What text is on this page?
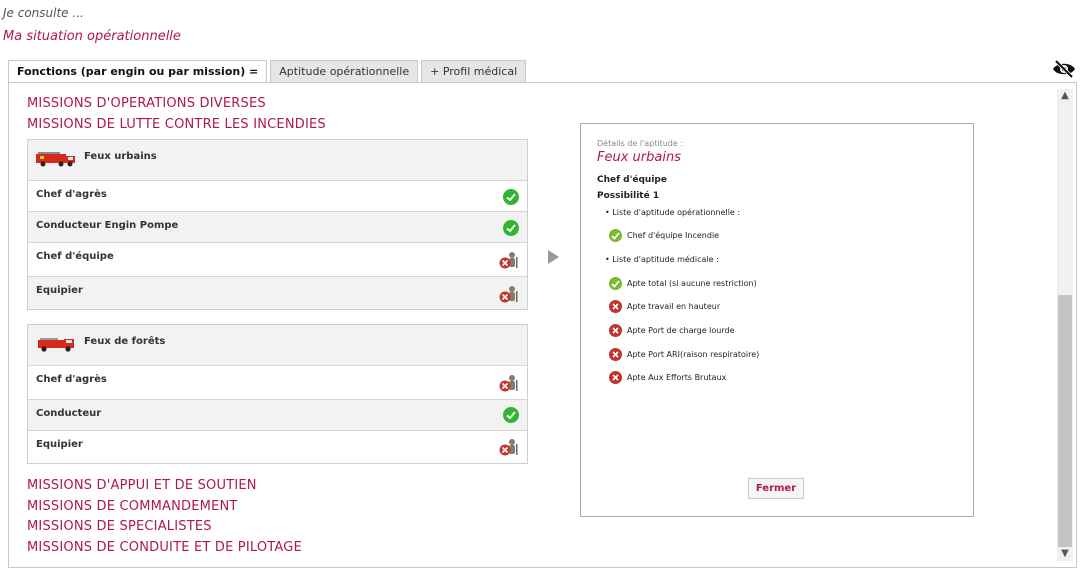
Je consulte ...
Ma situation opérationnelle
Fonctions (par engin ou par mission) =	Aptitude opérationnelle	+ Profil médical
MISSIONS D'OPERATIONS DIVERSES
MISSIONS DE LUTTE CONTRE LES INCENDIES
Feux urbains
Chef d'agrès
Conducteur Engin Pompe
Chef d'équipe
Equipier
Feux de forêts
Chef d'agrès
Conducteur
Equipier
MISSIONS D'APPUI ET DE SOUTIEN
MISSIONS DE COMMANDEMENT
MISSIONS DE SPECIALISTES
MISSIONS DE CONDUITE ET DE PILOTAGE
Détails de l'aptitude :
Feux urbains
Chef d'équipe
Possibilité 1
• Liste d'aptitude opérationnelle :
Chef d'équipe Incendie
• Liste d'aptitude médicale :
Apte total (si aucune restriction)
Apte travail en hauteur
Apte Port de charge lourde
Apte Port ARI(raison respiratoire)
Apte Aux Efforts Brutaux
Fermer
▲
▼
